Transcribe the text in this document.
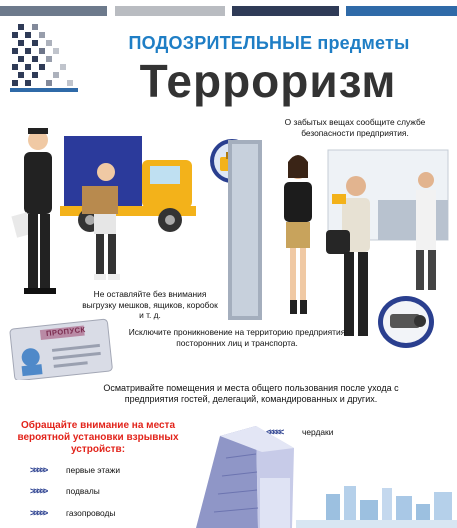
ПОДОЗРИТЕЛЬНЫЕ предметы
Терроризм
О забытых вещах сообщите службе безопасности предприятия.
Не оставляйте без внимания выгрузку мешков, ящиков, коробок и т. д.
ПРОПУСК	Исключите проникновение на территорию предприятия посторонних лиц и транспорта.
Осматривайте помещения и места общего пользования после ухода с предприятия гостей, делегаций, командированных и других.
Обращайте внимание на места вероятной установки взрывных устройств:
<<<<< чердаки
>>>>> первые этажи
>>>>> подвалы
>>>>> газопроводы
